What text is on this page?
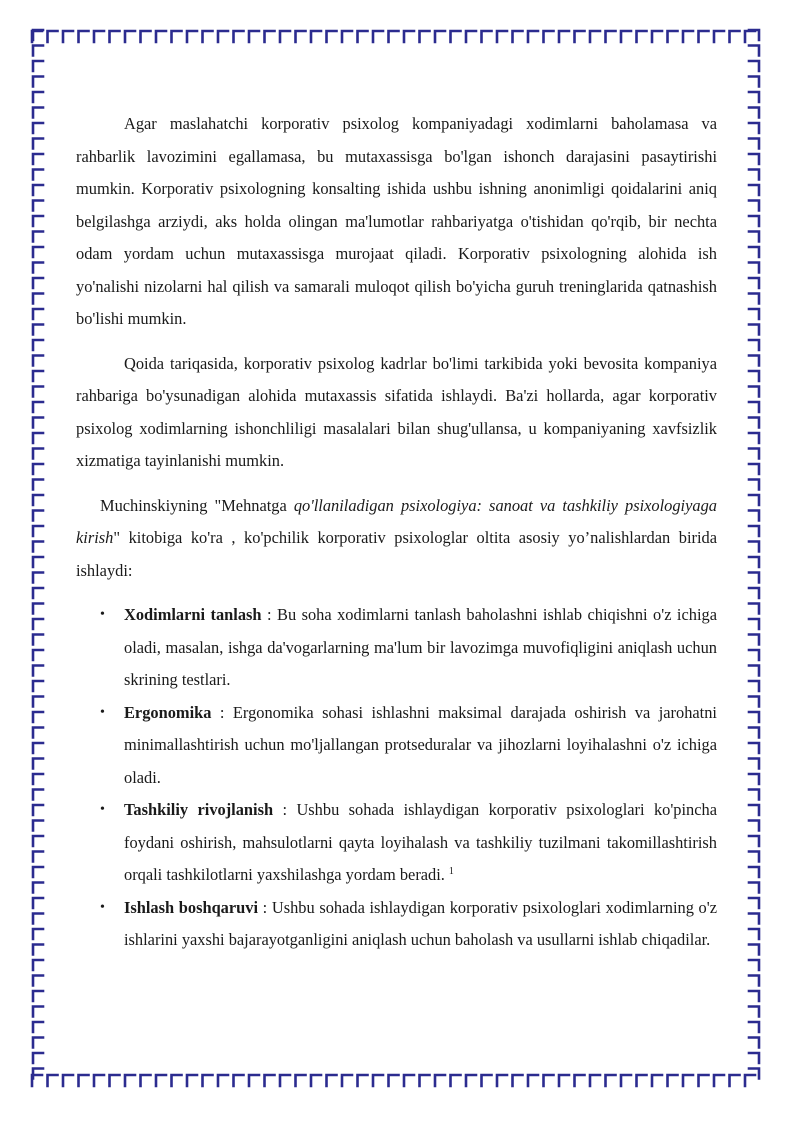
Agar maslahatchi korporativ psixolog kompaniyadagi xodimlarni baholamasa va rahbarlik lavozimini egallamasa, bu mutaxassisga bo'lgan ishonch darajasini pasaytirishi mumkin. Korporativ psixologning konsalting ishida ushbu ishning anonimligi qoidalarini aniq belgilashga arziydi, aks holda olingan ma'lumotlar rahbariyatga o'tishidan qo'rqib, bir nechta odam yordam uchun mutaxassisga murojaat qiladi. Korporativ psixologning alohida ish yo'nalishi nizolarni hal qilish va samarali muloqot qilish bo'yicha guruh treninglarida qatnashish bo'lishi mumkin.

Qoida tariqasida, korporativ psixolog kadrlar bo'limi tarkibida yoki bevosita kompaniya rahbariga bo'ysunadigan alohida mutaxassis sifatida ishlaydi. Ba'zi hollarda, agar korporativ psixolog xodimlarning ishonchliligi masalalari bilan shug'ullansa, u kompaniyaning xavfsizlik xizmatiga tayinlanishi mumkin.

Muchinskiyning "Mehnatga qo'llaniladigan psixologiya: sanoat va tashkiliy psixologiyaga kirish" kitobiga ko'ra , ko'pchilik korporativ psixologlar oltita asosiy yo’nalishlardan birida ishlaydi:

• Xodimlarni tanlash : Bu soha xodimlarni tanlash baholashni ishlab chiqishni o'z ichiga oladi, masalan, ishga da'vogarlarning ma'lum bir lavozimga muvofiqligini aniqlash uchun skrining testlari.
• Ergonomika : Ergonomika sohasi ishlashni maksimal darajada oshirish va jarohatni minimallashtirish uchun mo'ljallangan protseduralar va jihozlarni loyihalashni o'z ichiga oladi.
• Tashkiliy rivojlanish : Ushbu sohada ishlaydigan korporativ psixologlari ko'pincha foydani oshirish, mahsulotlarni qayta loyihalash va tashkiliy tuzilmani takomillashtirish orqali tashkilotlarni yaxshilashga yordam beradi. $^1$
• Ishlash boshqaruvi : Ushbu sohada ishlaydigan korporativ psixologlari xodimlarning o'z ishlarini yaxshi bajarayotganligini aniqlash uchun baholash va usullarni ishlab chiqadilar.
